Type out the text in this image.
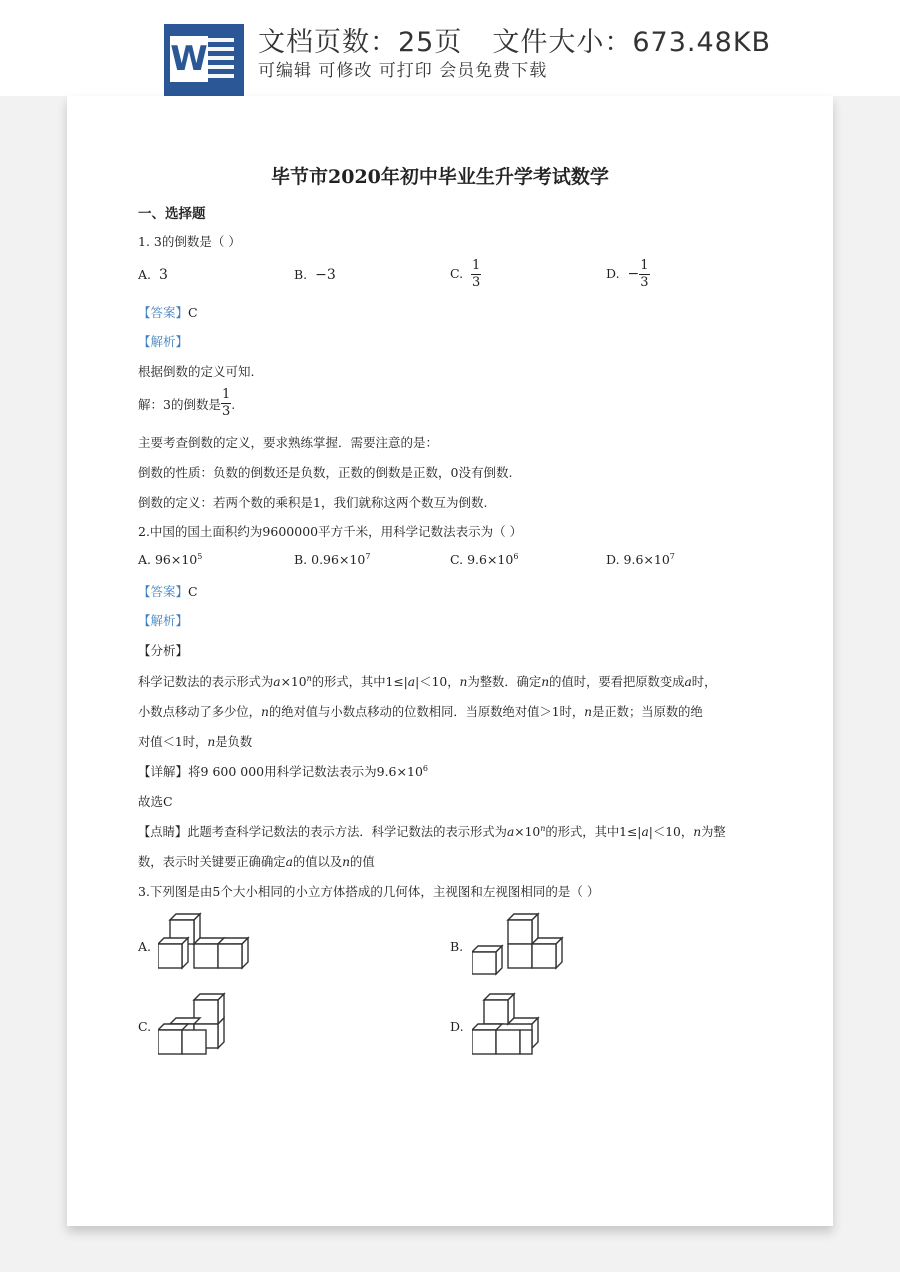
W 文档页数：25页 文件大小：673.48KB
可编辑 可修改 可打印 会员免费下载
毕节市2020年初中毕业生升学考试数学
一、选择题
1. 3的倒数是（ ）
A. 3	B. −3	C. $\frac{1}{3}$	D. − $\frac{1}{3}$
【答案】C
【解析】
根据倒数的定义可知.
解：3的倒数是 $\frac{1}{3}$ .
主要考查倒数的定义，要求熟练掌握．需要注意的是：
倒数的性质：负数的倒数还是负数，正数的倒数是正数，0没有倒数.
倒数的定义：若两个数的乘积是1，我们就称这两个数互为倒数.
2.中国的国土面积约为9600000平方千米，用科学记数法表示为（ ）
A. $96\times 10^5$	B. $0.96\times 10^7$	C. $9.6\times 10^6$	D. $9.6\times 10^7$
【答案】C
【解析】
【分析】
科学记数法的表示形式为$a\times 10^n$的形式，其中1≤|a|＜10，n为整数．确定n的值时，要看把原数变成a时，
小数点移动了多少位，n的绝对值与小数点移动的位数相同．当原数绝对值＞1时，n是正数；当原数的绝
对值＜1时，n是负数
【详解】将9 600 000用科学记数法表示为$9.6\times 10^6$
故选C
【点睛】此题考查科学记数法的表示方法．科学记数法的表示形式为$a\times 10^n$的形式，其中1≤|a|＜10，n为整
数，表示时关键要正确确定a的值以及n的值
3.下列图是由5个大小相同的小立方体搭成的几何体，主视图和左视图相同的是（ ）
A.	B.
C.	D.
